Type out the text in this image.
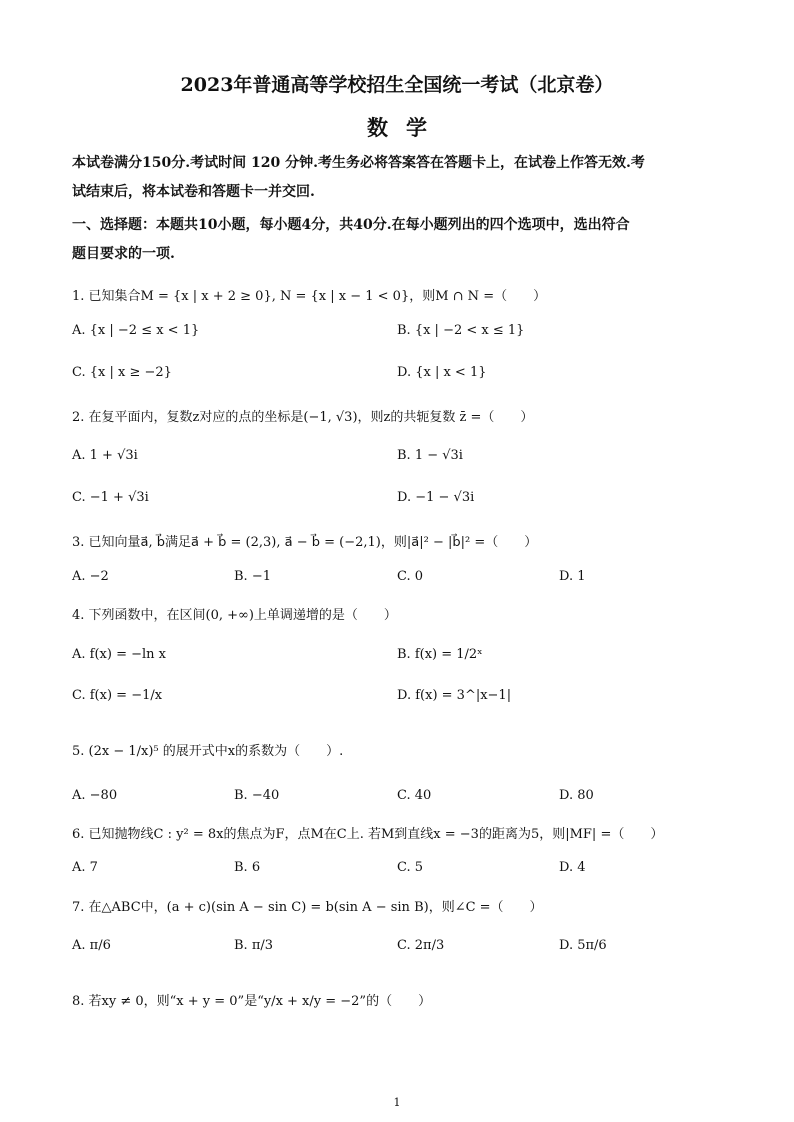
2023年普通高等学校招生全国统一考试（北京卷）
数学
本试卷满分150分.考试时间 120 分钟.考生务必将答案答在答题卡上，在试卷上作答无效.考
试结束后，将本试卷和答题卡一并交回.
一、选择题：本题共10小题，每小题4分，共40分.在每小题列出的四个选项中，选出符合
题目要求的一项.
1. 已知集合M = {x | x + 2 ≥ 0}, N = {x | x − 1 < 0}，则M ∩ N =（　　）
A. {x | −2 ≤ x < 1}	B. {x | −2 < x ≤ 1}
C. {x | x ≥ −2}	D. {x | x < 1}
2. 在复平面内，复数z对应的点的坐标是(−1, √3)，则z的共轭复数 z̄ =（　　）
A. 1 + √3i	B. 1 − √3i
C. −1 + √3i	D. −1 − √3i
3. 已知向量a⃗, b⃗满足a⃗ + b⃗ = (2,3), a⃗ − b⃗ = (−2,1)，则|a⃗|² − |b⃗|² =（　　）
A. −2	B. −1	C. 0	D. 1
4. 下列函数中，在区间(0, +∞)上单调递增的是（　　）
A. f(x) = −ln x	B. f(x) = 1/2ˣ
C. f(x) = −1/x	D. f(x) = 3^|x−1|
5. (2x − 1/x)⁵ 的展开式中x的系数为（　　）.
A. −80	B. −40	C. 40	D. 80
6. 已知抛物线C : y² = 8x的焦点为F，点M在C上. 若M到直线x = −3的距离为5，则|MF| =（　　）
A. 7	B. 6	C. 5	D. 4
7. 在△ABC中，(a + c)(sin A − sin C) = b(sin A − sin B)，则∠C =（　　）
A. π/6	B. π/3	C. 2π/3	D. 5π/6
8. 若xy ≠ 0，则“x + y = 0”是“y/x + x/y = −2”的（　　）
1
